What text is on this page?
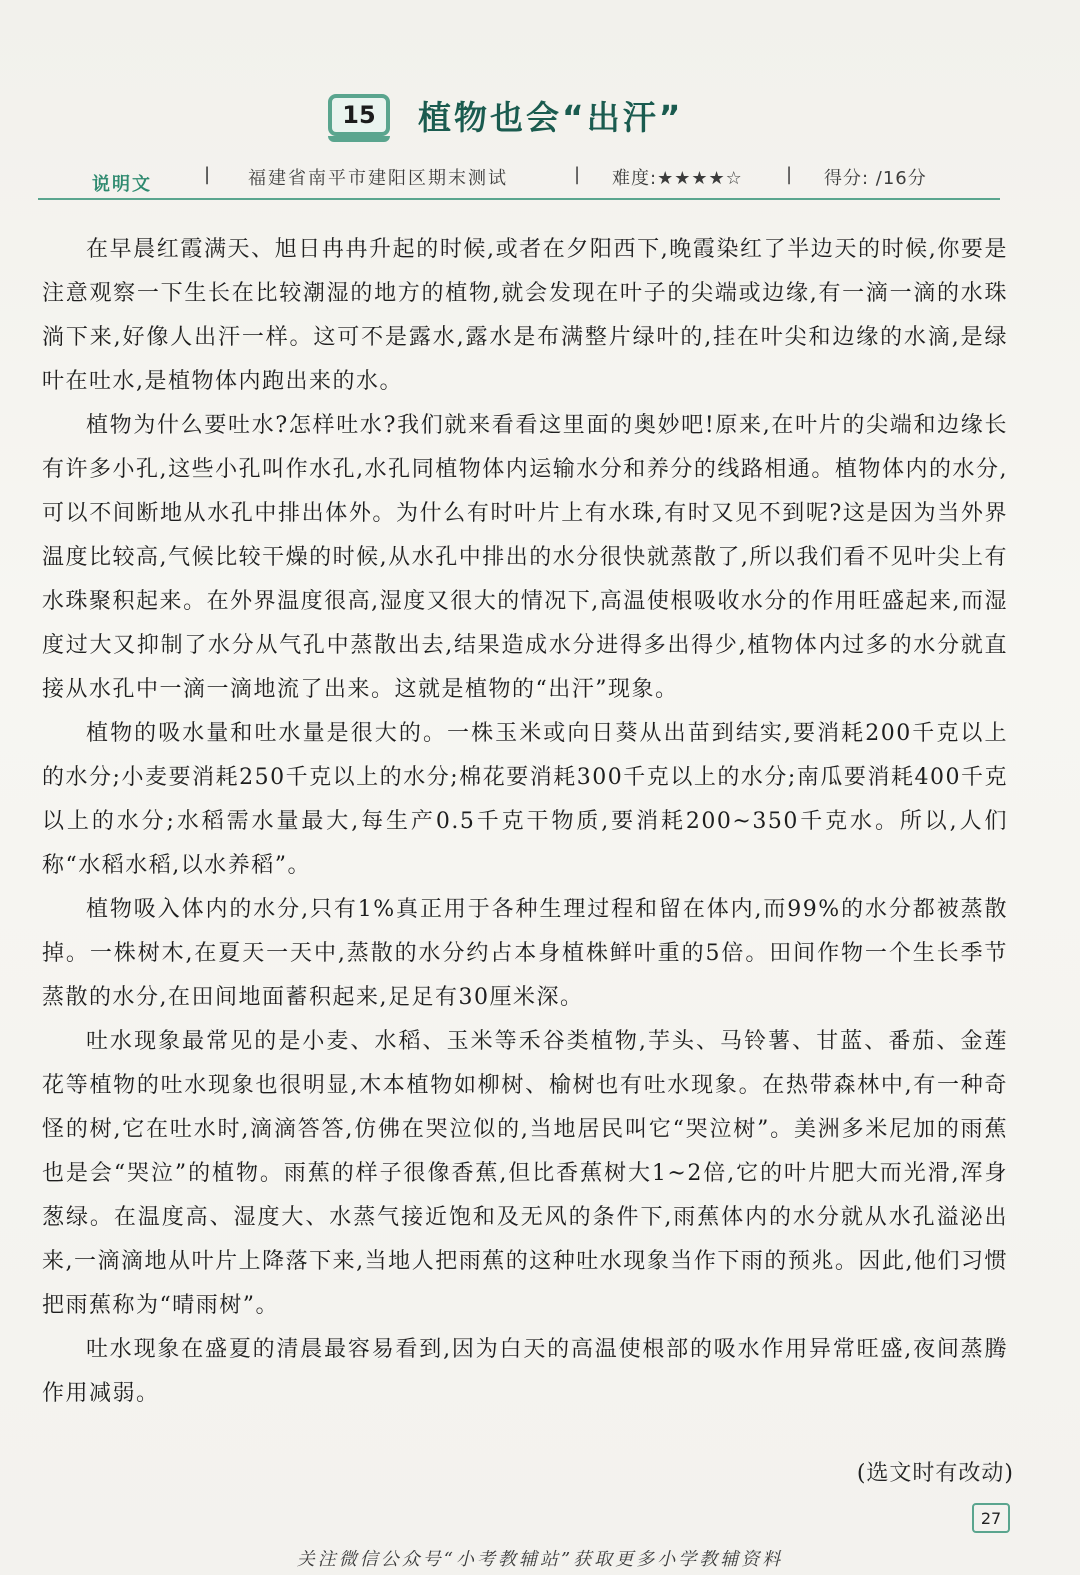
15	植物也会“出汗”
说明文	| 福建省南平市建阳区期末测试	| 难度:★★★★☆ | 得分: /16分

在早晨红霞满天、旭日冉冉升起的时候,或者在夕阳西下,晚霞染红了半边天的时候,你要是注意观察一下生长在比较潮湿的地方的植物,就会发现在叶子的尖端或边缘,有一滴一滴的水珠淌下来,好像人出汗一样。这可不是露水,露水是布满整片绿叶的,挂在叶尖和边缘的水滴,是绿叶在吐水,是植物体内跑出来的水。

植物为什么要吐水?怎样吐水?我们就来看看这里面的奥妙吧!原来,在叶片的尖端和边缘长有许多小孔,这些小孔叫作水孔,水孔同植物体内运输水分和养分的线路相通。植物体内的水分,可以不间断地从水孔中排出体外。为什么有时叶片上有水珠,有时又见不到呢?这是因为当外界温度比较高,气候比较干燥的时候,从水孔中排出的水分很快就蒸散了,所以我们看不见叶尖上有水珠聚积起来。在外界温度很高,湿度又很大的情况下,高温使根吸收水分的作用旺盛起来,而湿度过大又抑制了水分从气孔中蒸散出去,结果造成水分进得多出得少,植物体内过多的水分就直接从水孔中一滴一滴地流了出来。这就是植物的“出汗”现象。

植物的吸水量和吐水量是很大的。一株玉米或向日葵从出苗到结实,要消耗200千克以上的水分;小麦要消耗250千克以上的水分;棉花要消耗300千克以上的水分;南瓜要消耗400千克以上的水分;水稻需水量最大,每生产0.5千克干物质,要消耗200~350千克水。所以,人们称“水稻水稻,以水养稻”。

植物吸入体内的水分,只有1%真正用于各种生理过程和留在体内,而99%的水分都被蒸散掉。一株树木,在夏天一天中,蒸散的水分约占本身植株鲜叶重的5倍。田间作物一个生长季节蒸散的水分,在田间地面蓄积起来,足足有30厘米深。

吐水现象最常见的是小麦、水稻、玉米等禾谷类植物,芋头、马铃薯、甘蓝、番茄、金莲花等植物的吐水现象也很明显,木本植物如柳树、榆树也有吐水现象。在热带森林中,有一种奇怪的树,它在吐水时,滴滴答答,仿佛在哭泣似的,当地居民叫它“哭泣树”。美洲多米尼加的雨蕉也是会“哭泣”的植物。雨蕉的样子很像香蕉,但比香蕉树大1~2倍,它的叶片肥大而光滑,浑身葱绿。在温度高、湿度大、水蒸气接近饱和及无风的条件下,雨蕉体内的水分就从水孔溢泌出来,一滴滴地从叶片上降落下来,当地人把雨蕉的这种吐水现象当作下雨的预兆。因此,他们习惯把雨蕉称为“晴雨树”。

吐水现象在盛夏的清晨最容易看到,因为白天的高温使根部的吸水作用异常旺盛,夜间蒸腾作用减弱。

(选文时有改动)
27
关注微信公众号“小考教辅站”获取更多小学教辅资料
